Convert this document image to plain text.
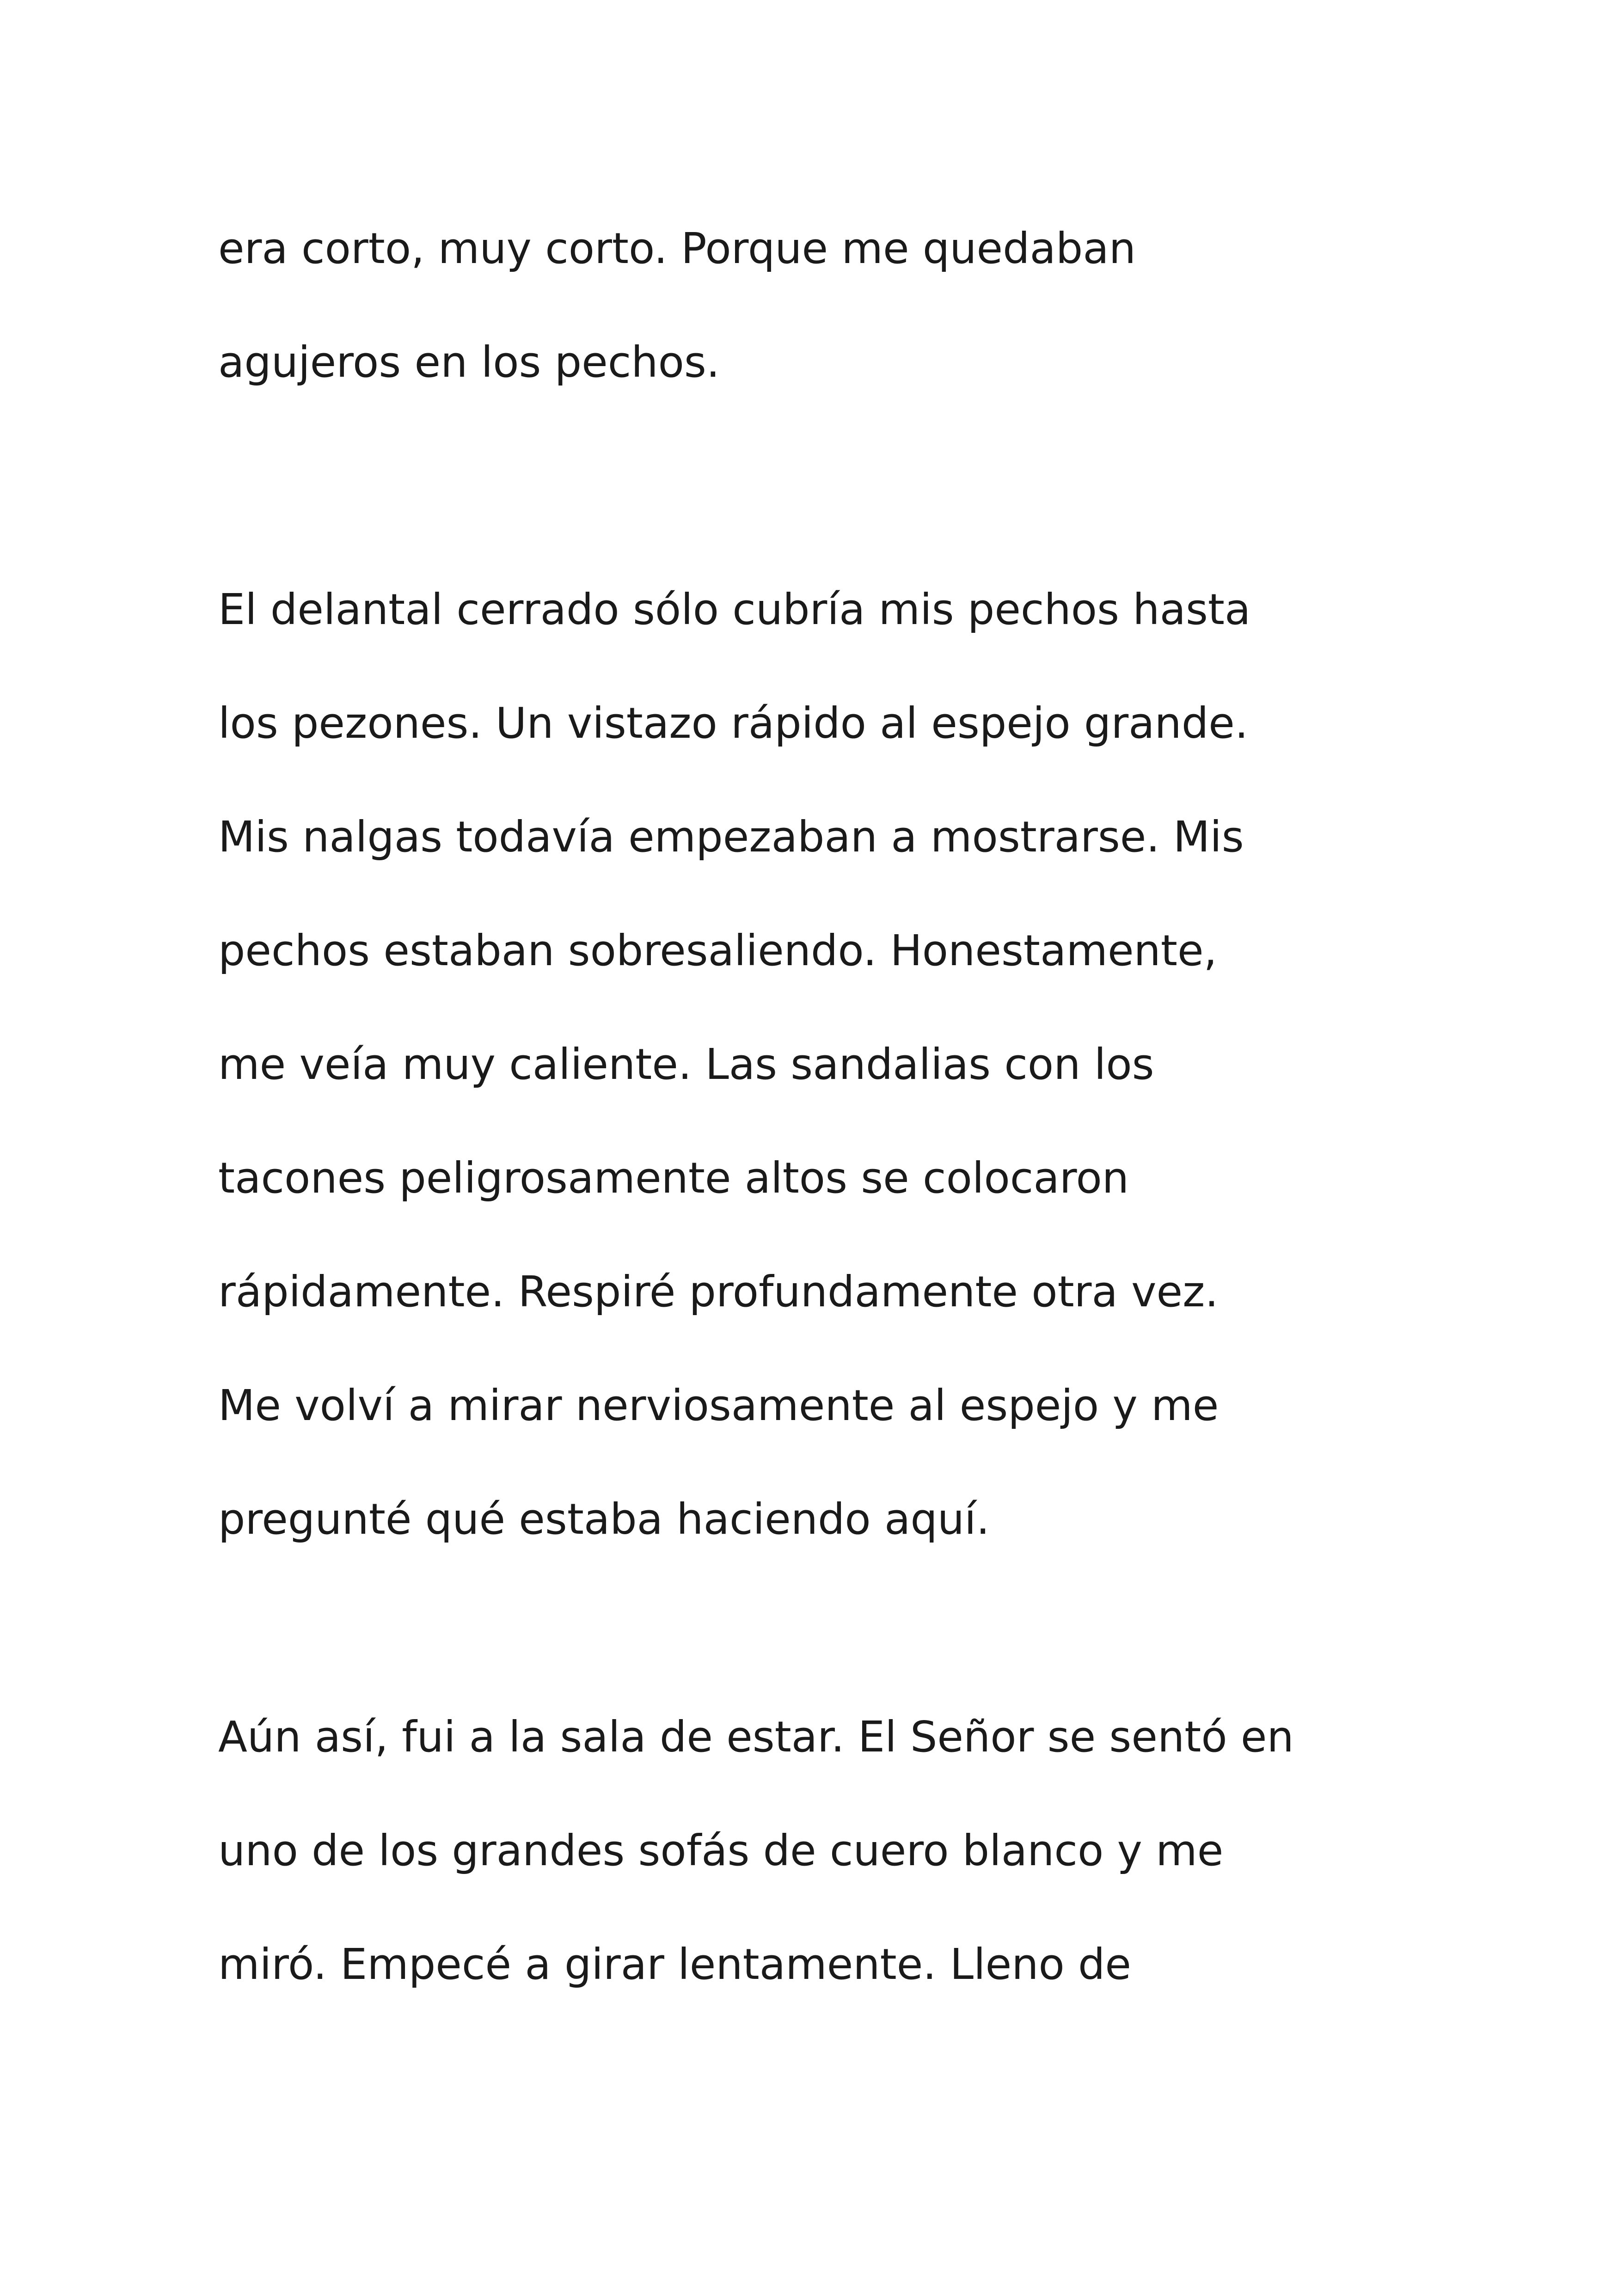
era corto, muy corto. Porque me quedaban
agujeros en los pechos.
El delantal cerrado sólo cubría mis pechos hasta
los pezones. Un vistazo rápido al espejo grande.
Mis nalgas todavía empezaban a mostrarse. Mis
pechos estaban sobresaliendo. Honestamente,
me veía muy caliente. Las sandalias con los
tacones peligrosamente altos se colocaron
rápidamente. Respiré profundamente otra vez.
Me volví a mirar nerviosamente al espejo y me
pregunté qué estaba haciendo aquí.
Aún así, fui a la sala de estar. El Señor se sentó en
uno de los grandes sofás de cuero blanco y me
miró. Empecé a girar lentamente. Lleno de
